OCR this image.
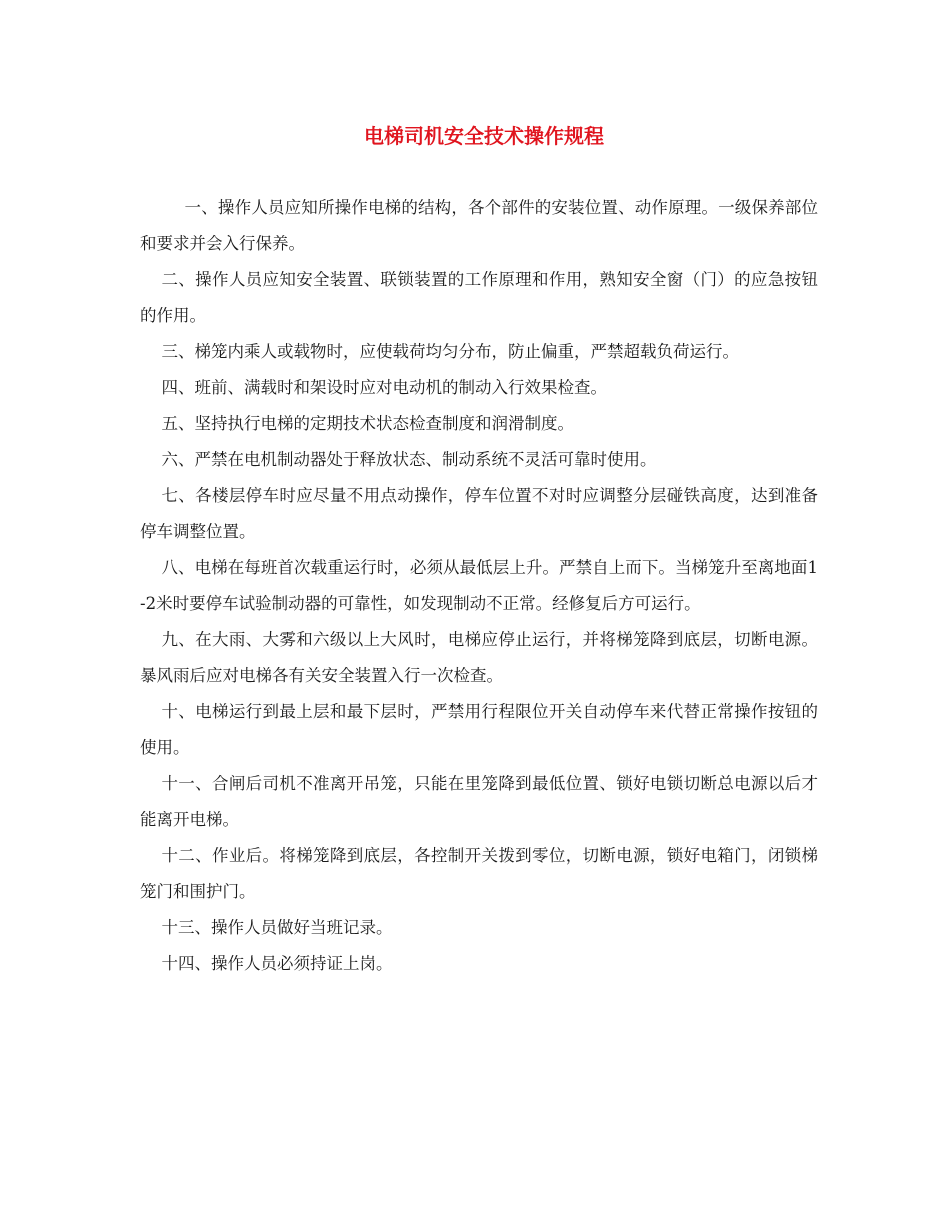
电梯司机安全技术操作规程

一、操作人员应知所操作电梯的结构，各个部件的安装位置、动作原理。一级保养部位和要求并会入行保养。

二、操作人员应知安全装置、联锁装置的工作原理和作用，熟知安全窗（门）的应急按钮的作用。

三、梯笼内乘人或载物时，应使载荷均匀分布，防止偏重，严禁超载负荷运行。

四、班前、满载时和架设时应对电动机的制动入行效果检查。

五、坚持执行电梯的定期技术状态检查制度和润滑制度。

六、严禁在电机制动器处于释放状态、制动系统不灵活可靠时使用。

七、各楼层停车时应尽量不用点动操作，停车位置不对时应调整分层碰铁高度，达到准备停车调整位置。

八、电梯在每班首次载重运行时，必须从最低层上升。严禁自上而下。当梯笼升至离地面1-2米时要停车试验制动器的可靠性，如发现制动不正常。经修复后方可运行。

九、在大雨、大雾和六级以上大风时，电梯应停止运行，并将梯笼降到底层，切断电源。暴风雨后应对电梯各有关安全装置入行一次检查。

十、电梯运行到最上层和最下层时，严禁用行程限位开关自动停车来代替正常操作按钮的使用。

十一、合闸后司机不准离开吊笼，只能在里笼降到最低位置、锁好电锁切断总电源以后才能离开电梯。

十二、作业后。将梯笼降到底层，各控制开关拨到零位，切断电源，锁好电箱门，闭锁梯笼门和围护门。

十三、操作人员做好当班记录。

十四、操作人员必须持证上岗。
